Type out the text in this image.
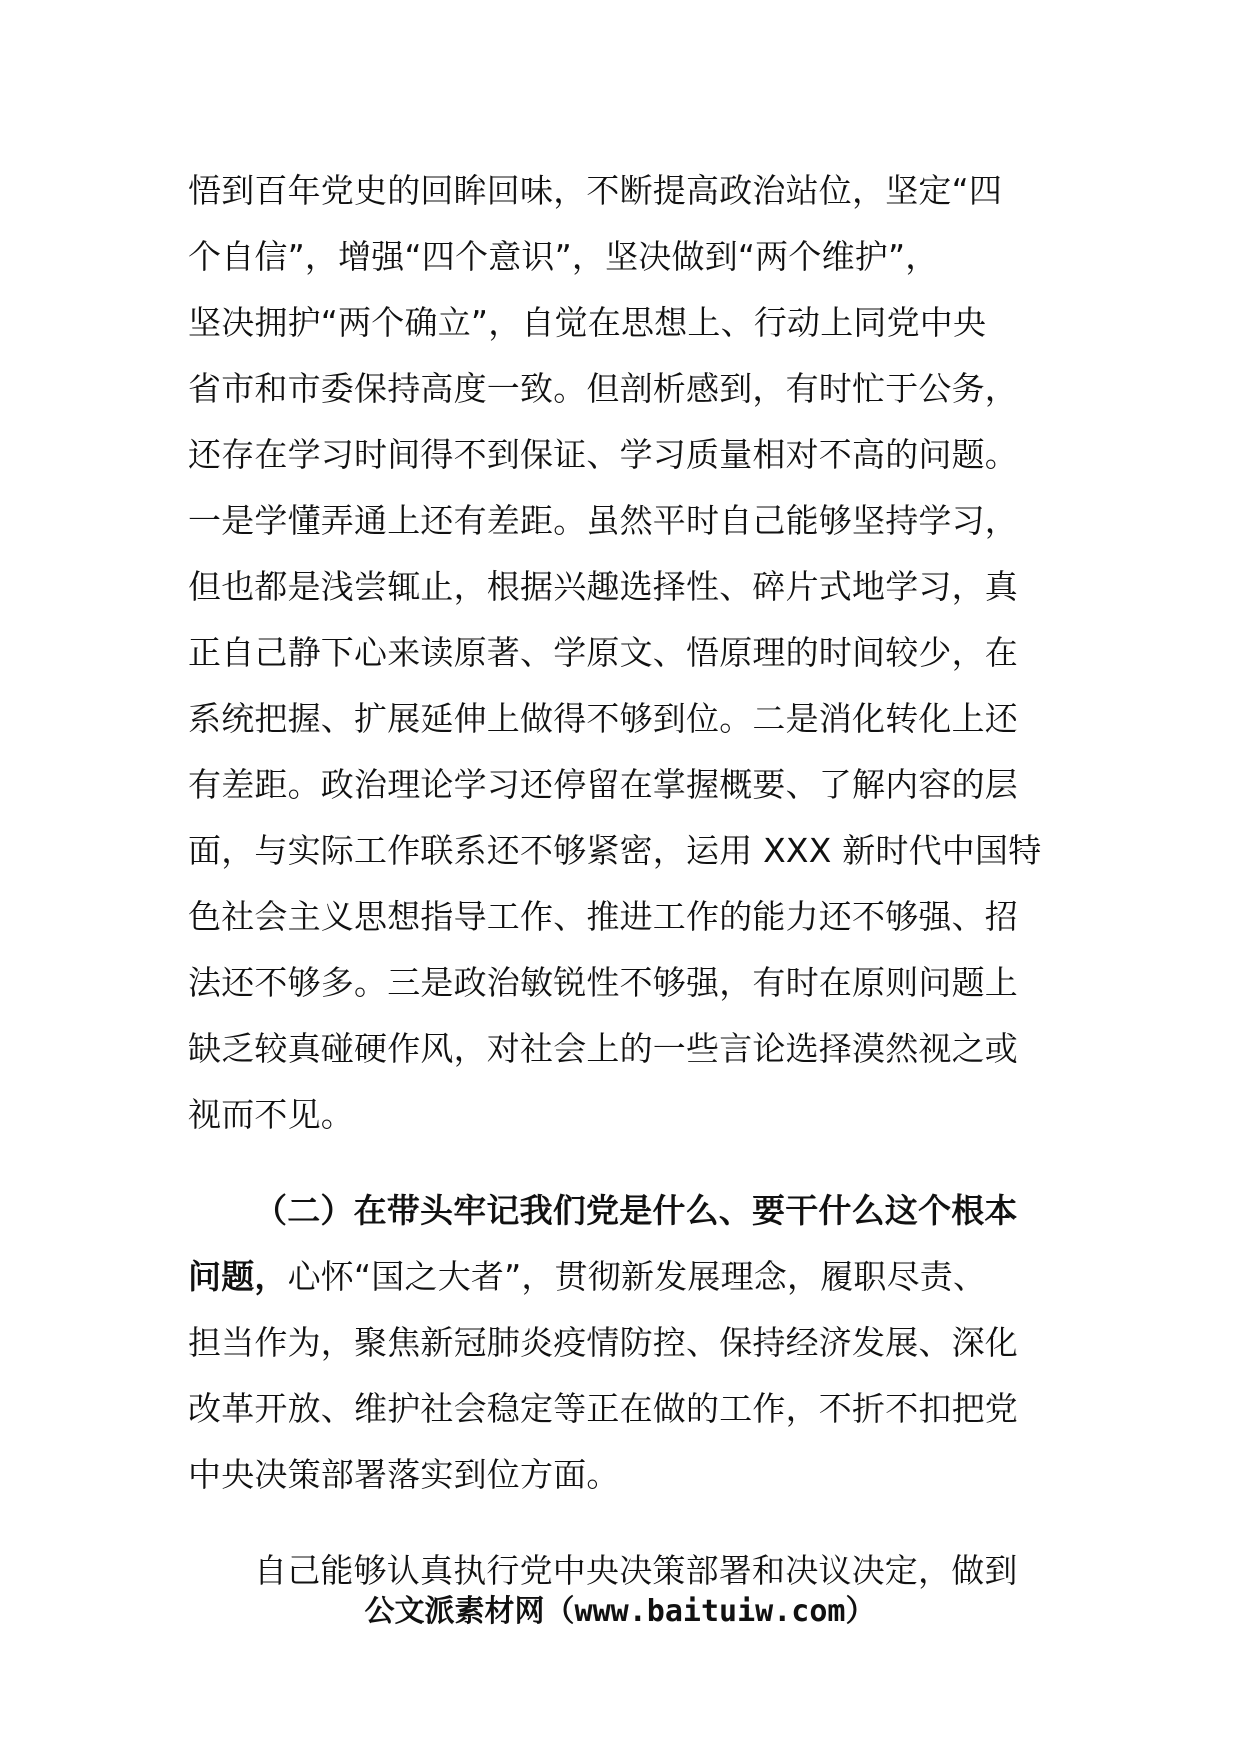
悟到百年党史的回眸回味，不断提高政治站位，坚定“四
个自信”，增强“四个意识”，坚决做到“两个维护”，
坚决拥护“两个确立”，自觉在思想上、行动上同党中央
省市和市委保持高度一致。但剖析感到，有时忙于公务，
还存在学习时间得不到保证、学习质量相对不高的问题。
一是学懂弄通上还有差距。虽然平时自己能够坚持学习，
但也都是浅尝辄止，根据兴趣选择性、碎片式地学习，真
正自己静下心来读原著、学原文、悟原理的时间较少，在
系统把握、扩展延伸上做得不够到位。二是消化转化上还
有差距。政治理论学习还停留在掌握概要、了解内容的层
面，与实际工作联系还不够紧密，运用 XXX 新时代中国特
色社会主义思想指导工作、推进工作的能力还不够强、招
法还不够多。三是政治敏锐性不够强，有时在原则问题上
缺乏较真碰硬作风，对社会上的一些言论选择漠然视之或
视而不见。
（二）在带头牢记我们党是什么、要干什么这个根本
问题，心怀“国之大者”，贯彻新发展理念，履职尽责、
担当作为，聚焦新冠肺炎疫情防控、保持经济发展、深化
改革开放、维护社会稳定等正在做的工作，不折不扣把党
中央决策部署落实到位方面。
自己能够认真执行党中央决策部署和决议决定，做到
公文派素材网（www.baituiw.com）
